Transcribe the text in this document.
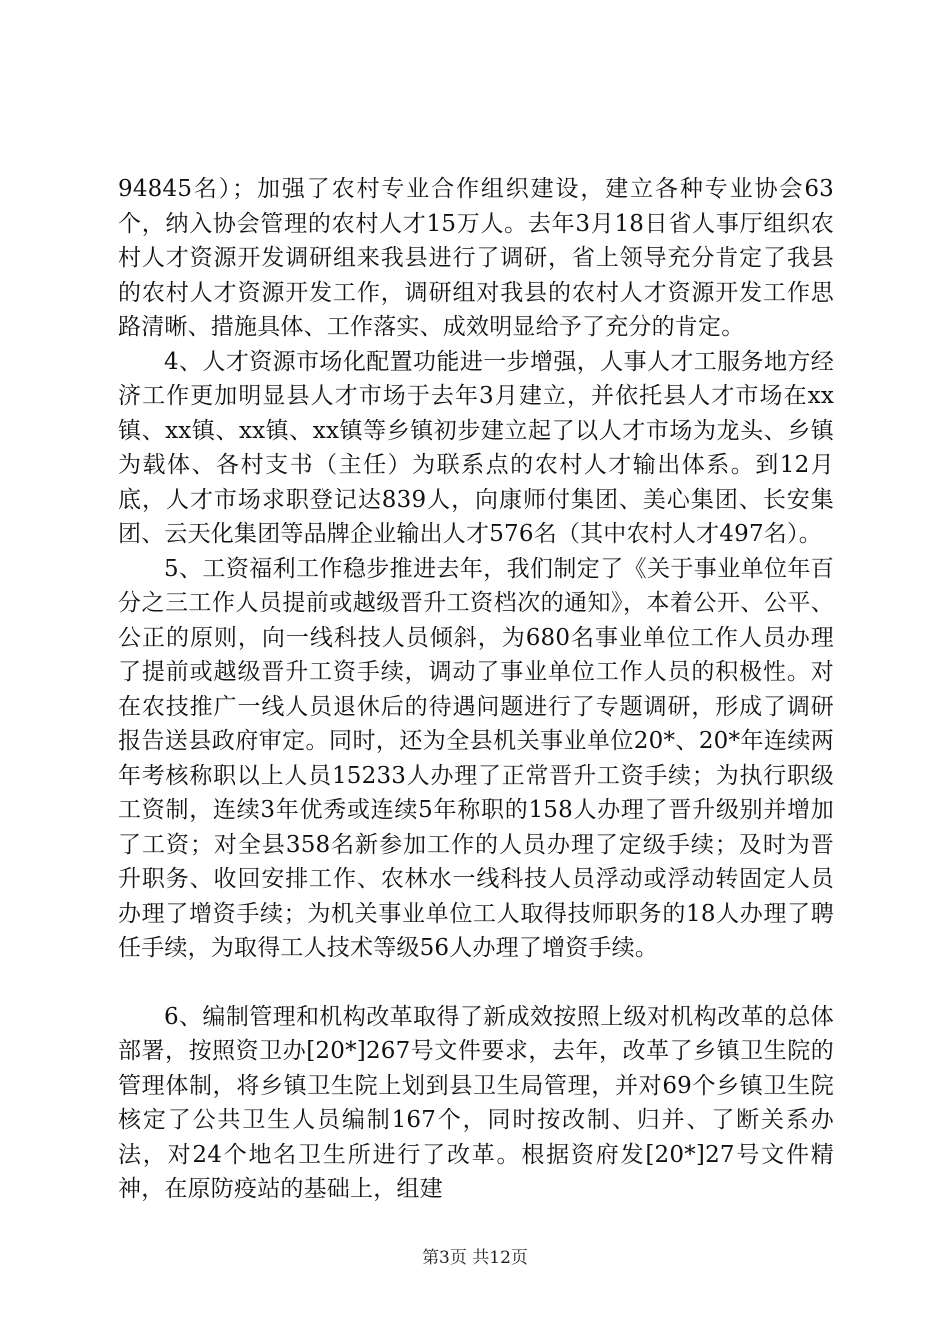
94845名）；加强了农村专业合作组织建设，建立各种专业协会63个，纳入协会管理的农村人才15万人。去年3月18日省人事厅组织农村人才资源开发调研组来我县进行了调研，省上领导充分肯定了我县的农村人才资源开发工作，调研组对我县的农村人才资源开发工作思路清晰、措施具体、工作落实、成效明显给予了充分的肯定。

4、人才资源市场化配置功能进一步增强，人事人才工服务地方经济工作更加明显县人才市场于去年3月建立，并依托县人才市场在xx镇、xx镇、xx镇、xx镇等乡镇初步建立起了以人才市场为龙头、乡镇为载体、各村支书（主任）为联系点的农村人才输出体系。到12月底，人才市场求职登记达839人，向康师付集团、美心集团、长安集团、云天化集团等品牌企业输出人才576名（其中农村人才497名）。

5、工资福利工作稳步推进去年，我们制定了《关于事业单位年百分之三工作人员提前或越级晋升工资档次的通知》，本着公开、公平、公正的原则，向一线科技人员倾斜，为680名事业单位工作人员办理了提前或越级晋升工资手续，调动了事业单位工作人员的积极性。对在农技推广一线人员退休后的待遇问题进行了专题调研，形成了调研报告送县政府审定。同时，还为全县机关事业单位20*、20*年连续两年考核称职以上人员15233人办理了正常晋升工资手续；为执行职级工资制，连续3年优秀或连续5年称职的158人办理了晋升级别并增加了工资；对全县358名新参加工作的人员办理了定级手续；及时为晋升职务、收回安排工作、农林水一线科技人员浮动或浮动转固定人员办理了增资手续；为机关事业单位工人取得技师职务的18人办理了聘任手续，为取得工人技术等级56人办理了增资手续。

6、编制管理和机构改革取得了新成效按照上级对机构改革的总体部署，按照资卫办[20*]267号文件要求，去年，改革了乡镇卫生院的管理体制，将乡镇卫生院上划到县卫生局管理，并对69个乡镇卫生院核定了公共卫生人员编制167个，同时按改制、归并、了断关系办法，对24个地名卫生所进行了改革。根据资府发[20*]27号文件精神，在原防疫站的基础上，组建

第3页 共12页
